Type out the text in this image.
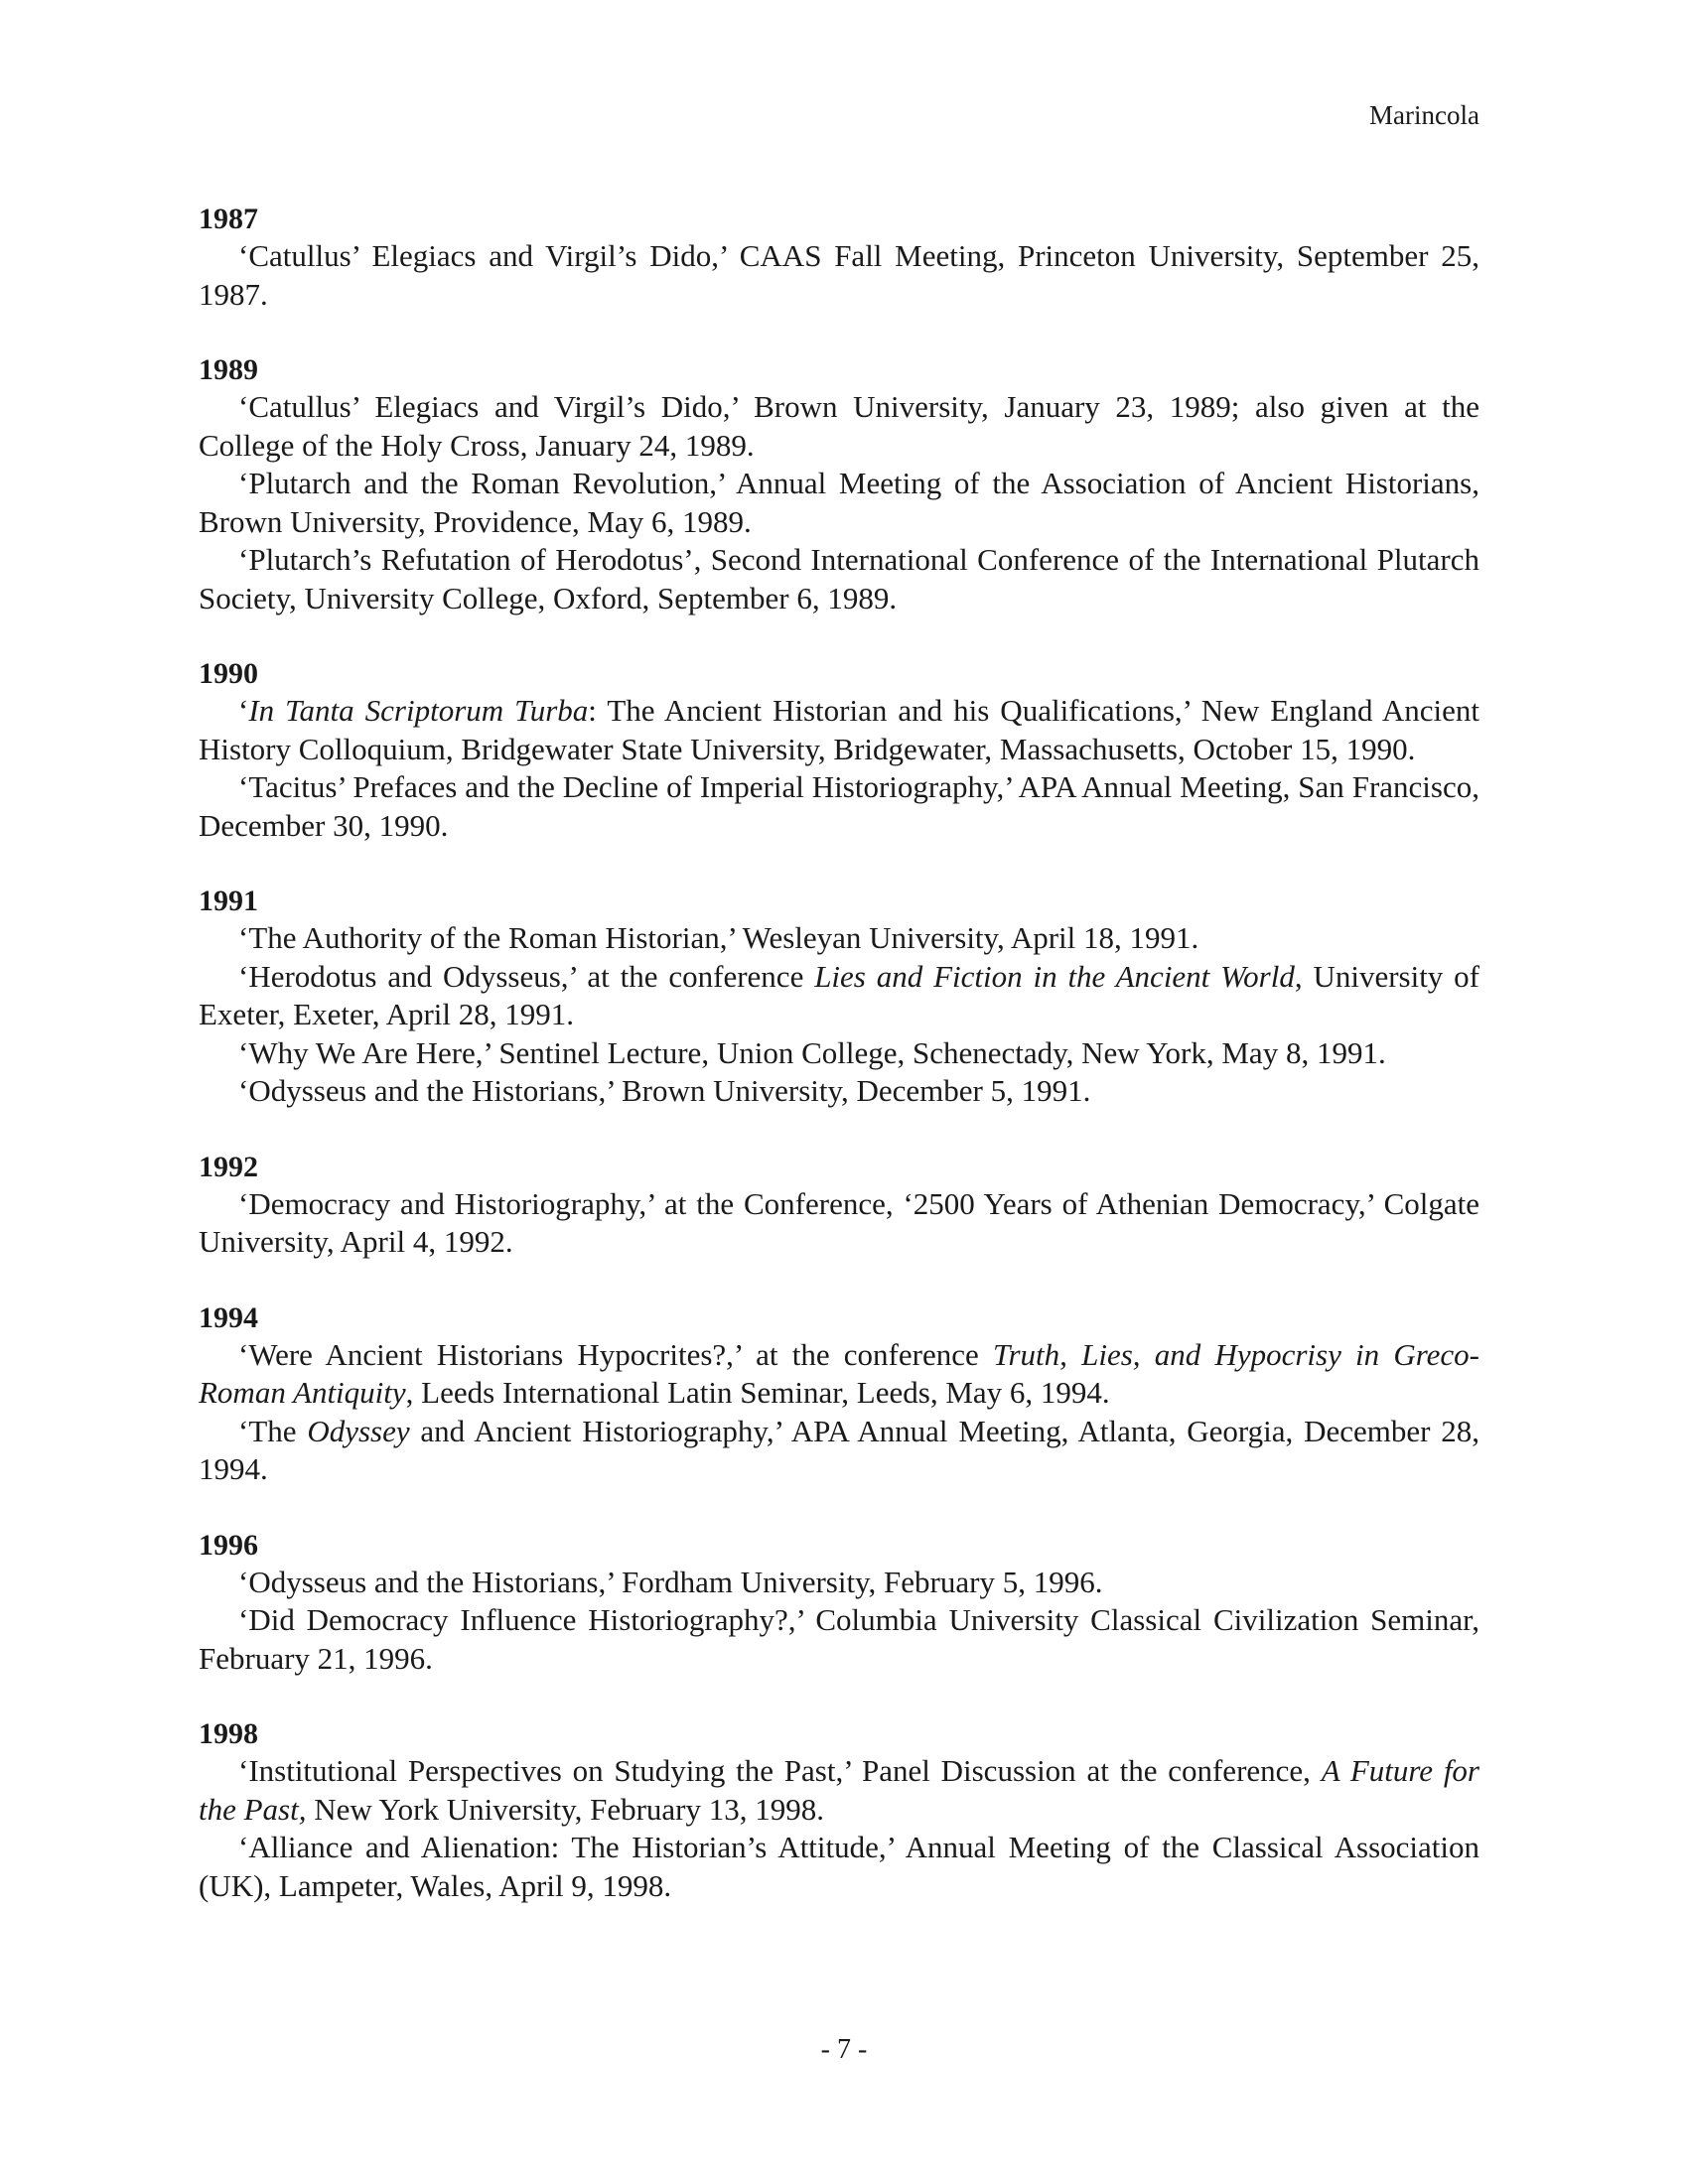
Marincola
1987

‘Catullus’ Elegiacs and Virgil’s Dido,’ CAAS Fall Meeting, Princeton University, September 25, 1987.

1989

‘Catullus’ Elegiacs and Virgil’s Dido,’ Brown University, January 23, 1989; also given at the College of the Holy Cross, January 24, 1989.

‘Plutarch and the Roman Revolution,’ Annual Meeting of the Association of Ancient Historians, Brown University, Providence, May 6, 1989.

‘Plutarch’s Refutation of Herodotus’, Second International Conference of the International Plutarch Society, University College, Oxford, September 6, 1989.

1990

‘In Tanta Scriptorum Turba: The Ancient Historian and his Qualifications,’ New England Ancient History Colloquium, Bridgewater State University, Bridgewater, Massachusetts, October 15, 1990.

‘Tacitus’ Prefaces and the Decline of Imperial Historiography,’ APA Annual Meeting, San Francisco, December 30, 1990.

1991

‘The Authority of the Roman Historian,’ Wesleyan University, April 18, 1991.

‘Herodotus and Odysseus,’ at the conference Lies and Fiction in the Ancient World, University of Exeter, Exeter, April 28, 1991.

‘Why We Are Here,’ Sentinel Lecture, Union College, Schenectady, New York, May 8, 1991.

‘Odysseus and the Historians,’ Brown University, December 5, 1991.

1992

‘Democracy and Historiography,’ at the Conference, ‘2500 Years of Athenian Democracy,’ Colgate University, April 4, 1992.

1994

‘Were Ancient Historians Hypocrites?,’ at the conference Truth, Lies, and Hypocrisy in Greco-Roman Antiquity, Leeds International Latin Seminar, Leeds, May 6, 1994.

‘The Odyssey and Ancient Historiography,’ APA Annual Meeting, Atlanta, Georgia, December 28, 1994.

1996

‘Odysseus and the Historians,’ Fordham University, February 5, 1996.

‘Did Democracy Influence Historiography?,’ Columbia University Classical Civilization Seminar, February 21, 1996.

1998

‘Institutional Perspectives on Studying the Past,’ Panel Discussion at the conference, A Future for the Past, New York University, February 13, 1998.

‘Alliance and Alienation: The Historian’s Attitude,’ Annual Meeting of the Classical Association (UK), Lampeter, Wales, April 9, 1998.

- 7 -
